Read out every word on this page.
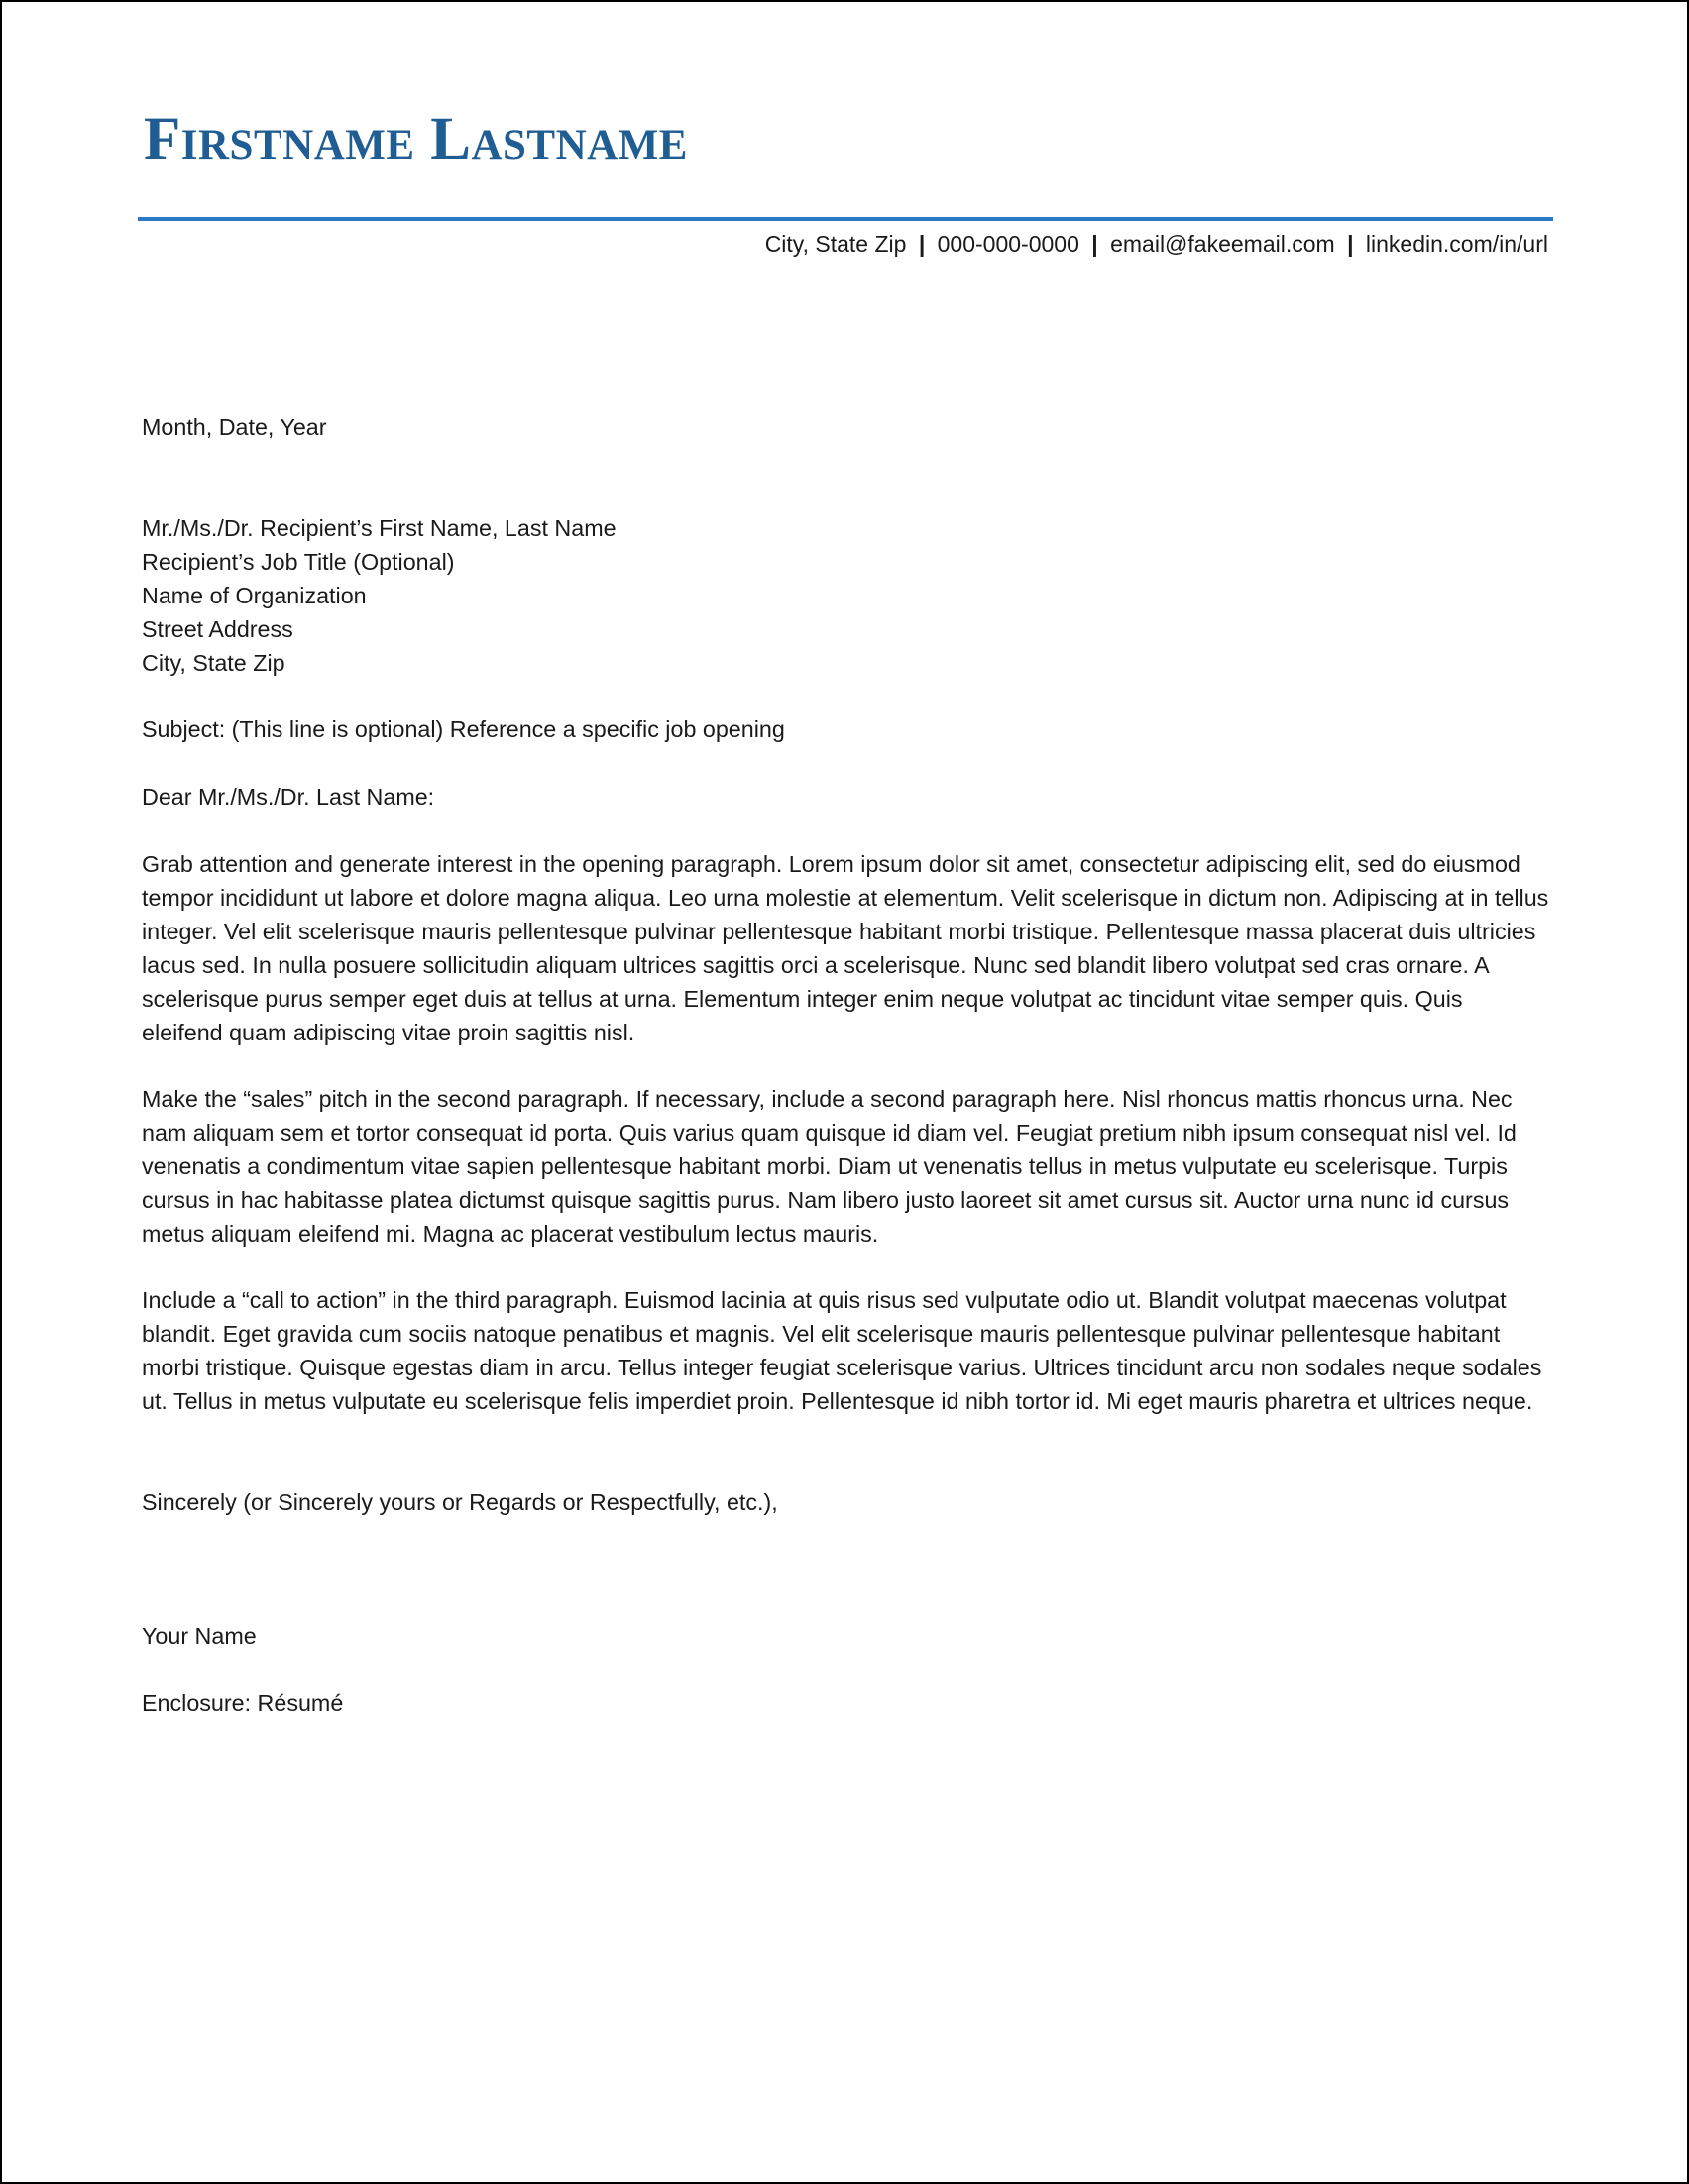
Firstname Lastname
City, State Zip | 000-000-0000 | email@fakeemail.com | linkedin.com/in/url

Month, Date, Year

Mr./Ms./Dr. Recipient’s First Name, Last Name
Recipient’s Job Title (Optional)
Name of Organization
Street Address
City, State Zip

Subject: (This line is optional) Reference a specific job opening

Dear Mr./Ms./Dr. Last Name:

Grab attention and generate interest in the opening paragraph. Lorem ipsum dolor sit amet, consectetur adipiscing elit, sed do eiusmod tempor incididunt ut labore et dolore magna aliqua. Leo urna molestie at elementum. Velit scelerisque in dictum non. Adipiscing at in tellus integer. Vel elit scelerisque mauris pellentesque pulvinar pellentesque habitant morbi tristique. Pellentesque massa placerat duis ultricies lacus sed. In nulla posuere sollicitudin aliquam ultrices sagittis orci a scelerisque. Nunc sed blandit libero volutpat sed cras ornare. A scelerisque purus semper eget duis at tellus at urna. Elementum integer enim neque volutpat ac tincidunt vitae semper quis. Quis eleifend quam adipiscing vitae proin sagittis nisl.

Make the “sales” pitch in the second paragraph. If necessary, include a second paragraph here. Nisl rhoncus mattis rhoncus urna. Nec nam aliquam sem et tortor consequat id porta. Quis varius quam quisque id diam vel. Feugiat pretium nibh ipsum consequat nisl vel. Id venenatis a condimentum vitae sapien pellentesque habitant morbi. Diam ut venenatis tellus in metus vulputate eu scelerisque. Turpis cursus in hac habitasse platea dictumst quisque sagittis purus. Nam libero justo laoreet sit amet cursus sit. Auctor urna nunc id cursus metus aliquam eleifend mi. Magna ac placerat vestibulum lectus mauris.

Include a “call to action” in the third paragraph. Euismod lacinia at quis risus sed vulputate odio ut. Blandit volutpat maecenas volutpat blandit. Eget gravida cum sociis natoque penatibus et magnis. Vel elit scelerisque mauris pellentesque pulvinar pellentesque habitant morbi tristique. Quisque egestas diam in arcu. Tellus integer feugiat scelerisque varius. Ultrices tincidunt arcu non sodales neque sodales ut. Tellus in metus vulputate eu scelerisque felis imperdiet proin. Pellentesque id nibh tortor id. Mi eget mauris pharetra et ultrices neque.

Sincerely (or Sincerely yours or Regards or Respectfully, etc.),

Your Name

Enclosure: Résumé
